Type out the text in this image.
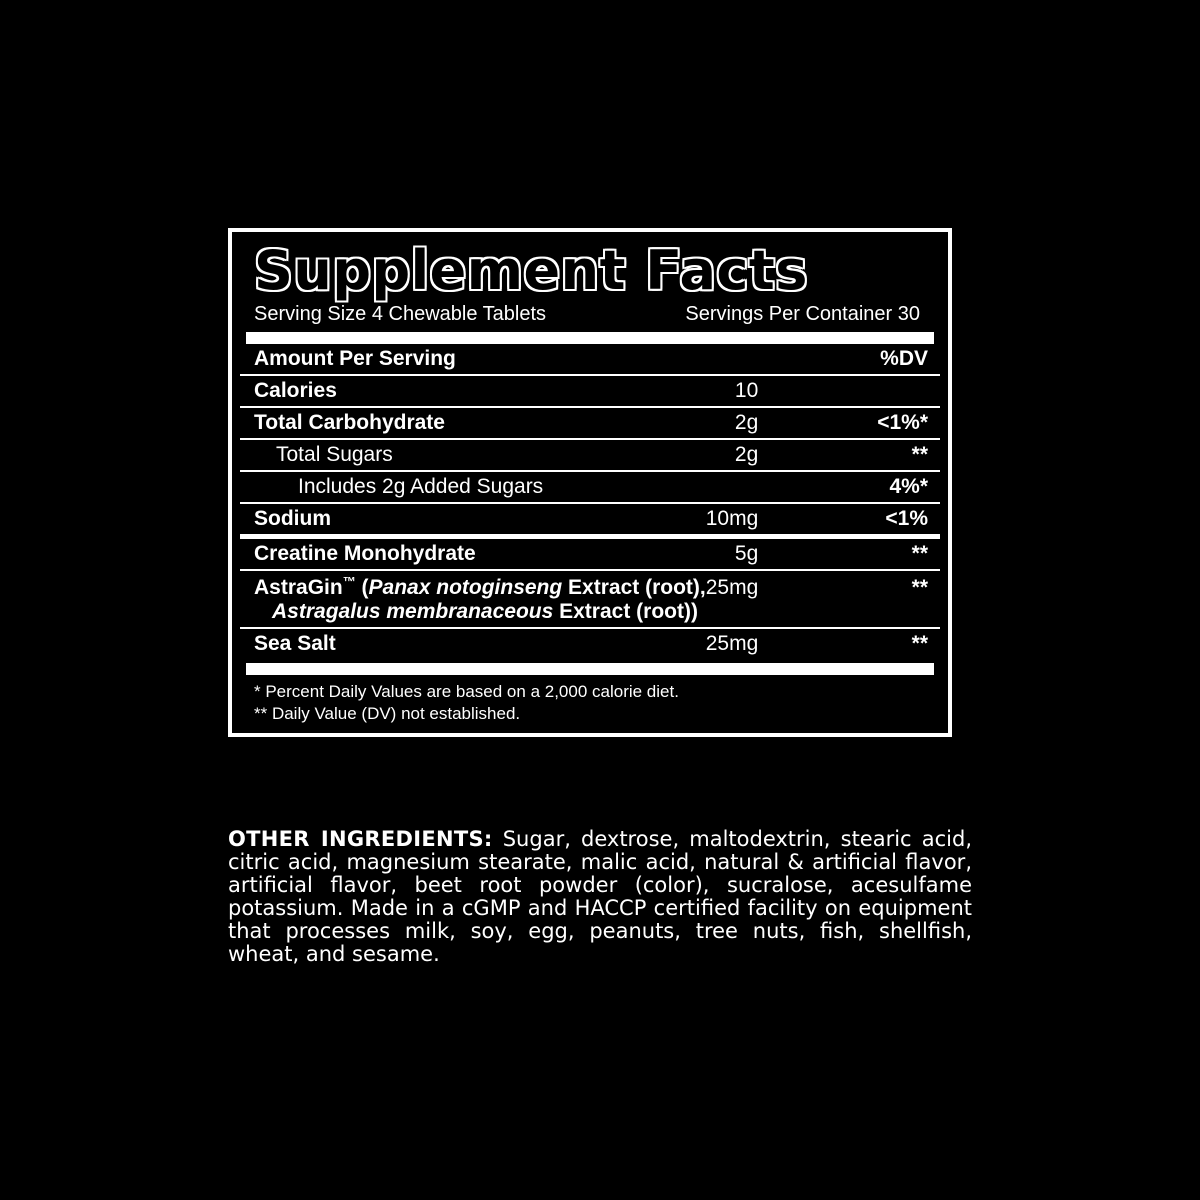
Supplement Facts
Serving Size 4 Chewable Tablets	Servings Per Container 30
Amount Per Serving		%DV
Calories	10	
Total Carbohydrate	2g	<1%*
Total Sugars	2g	**
Includes 2g Added Sugars		4%*
Sodium	10mg	<1%
Creatine Monohydrate	5g	**
AstraGin™ (Panax notoginseng Extract (root),
Astragalus membranaceous Extract (root))	25mg	**
Sea Salt	25mg	**
* Percent Daily Values are based on a 2,000 calorie diet.
** Daily Value (DV) not established.
OTHER INGREDIENTS: Sugar, dextrose, maltodextrin, stearic acid, citric acid, magnesium stearate, malic acid, natural & artificial flavor, artificial flavor, beet root powder (color), sucralose, acesulfame potassium. Made in a cGMP and HACCP certified facility on equipment that processes milk, soy, egg, peanuts, tree nuts, fish, shellfish, wheat, and sesame.
